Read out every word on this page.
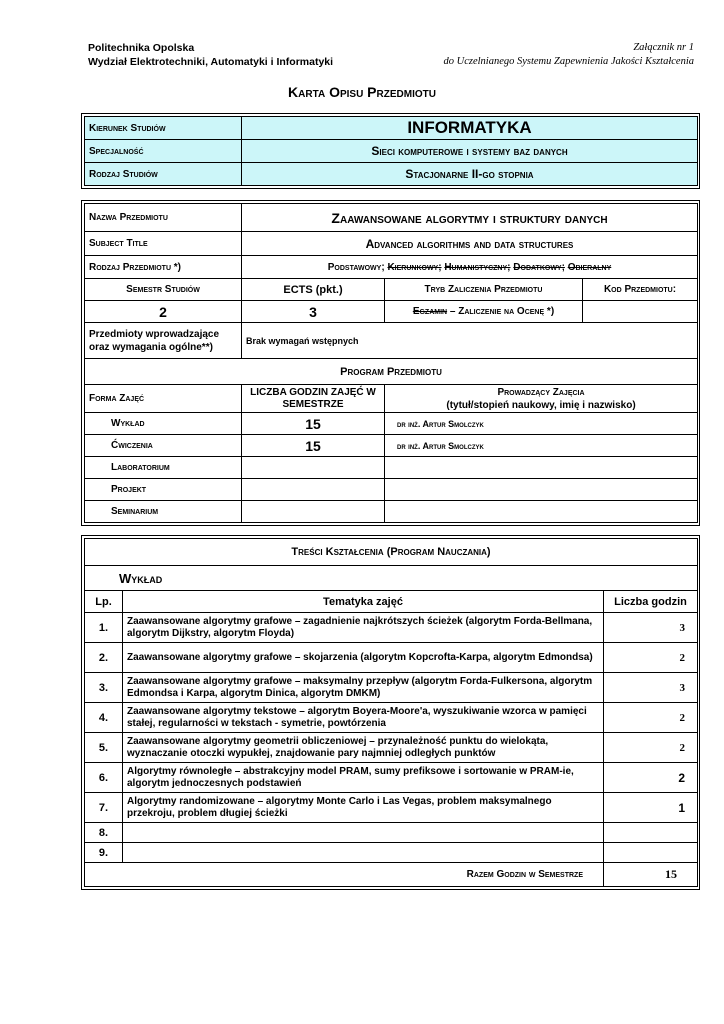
Politechnika Opolska
Wydział Elektrotechniki, Automatyki i Informatyki
Załącznik nr 1
do Uczelnianego Systemu Zapewnienia Jakości Kształcenia
Karta Opisu Przedmiotu
Kierunek Studiów	INFORMATYKA
Specjalność	Sieci komputerowe i systemy baz danych
Rodzaj Studiów	Stacjonarne II-go stopnia
Nazwa Przedmiotu	Zaawansowane algorytmy i struktury danych		
Subject Title	Advanced algorithms and data structures		
Rodzaj Przedmiotu *)	Podstawowy; Kierunkowy; Humanistyczny; Dodatkowy; Obieralny		
Semestr Studiów	ECTS (pkt.)	Tryb Zaliczenia Przedmiotu	Kod Przedmiotu:
2	3	Egzamin – Zaliczenie na Ocenę *)	
Przedmioty wprowadzające oraz wymagania ogólne**)	Brak wymagań wstępnych		
Program Przedmiotu			
Forma Zajęć	LICZBA GODZIN ZAJĘĆ W SEMESTRZE	Prowadzący Zajęcia
(tytuł/stopień naukowy, imię i nazwisko)	

Wykład	15	dr inż. Artur Smolczyk	
Ćwiczenia	15	dr inż. Artur Smolczyk	
Laboratorium			
Projekt			
Seminarium			
Treści Kształcenia (Program Nauczania)		
Wykład		
Lp.	Tematyka zajęć	Liczba godzin
1.	Zaawansowane algorytmy grafowe – zagadnienie najkrótszych ścieżek (algorytm Forda-Bellmana, algorytm Dijkstry, algorytm Floyda)	3
2.	Zaawansowane algorytmy grafowe – skojarzenia (algorytm Kopcrofta-Karpa, algorytm Edmondsa)	2
3.	Zaawansowane algorytmy grafowe – maksymalny przepływ (algorytm Forda-Fulkersona, algorytm Edmondsa i Karpa, algorytm Dinica, algorytm DMKM)	3
4.	Zaawansowane algorytmy tekstowe – algorytm Boyera-Moore'a, wyszukiwanie wzorca w pamięci stałej, regularności w tekstach - symetrie, powtórzenia	2
5.	Zaawansowane algorytmy geometrii obliczeniowej – przynależność punktu do wielokąta, wyznaczanie otoczki wypukłej, znajdowanie pary najmniej odległych punktów	2
6.	Algorytmy równoległe – abstrakcyjny model PRAM, sumy prefiksowe i sortowanie w PRAM-ie, algorytm jednoczesnych podstawień	2
7.	Algorytmy randomizowane – algorytmy Monte Carlo i Las Vegas, problem maksymalnego przekroju, problem długiej ścieżki	1
8.		
9.		
Razem Godzin w Semestrze		15
